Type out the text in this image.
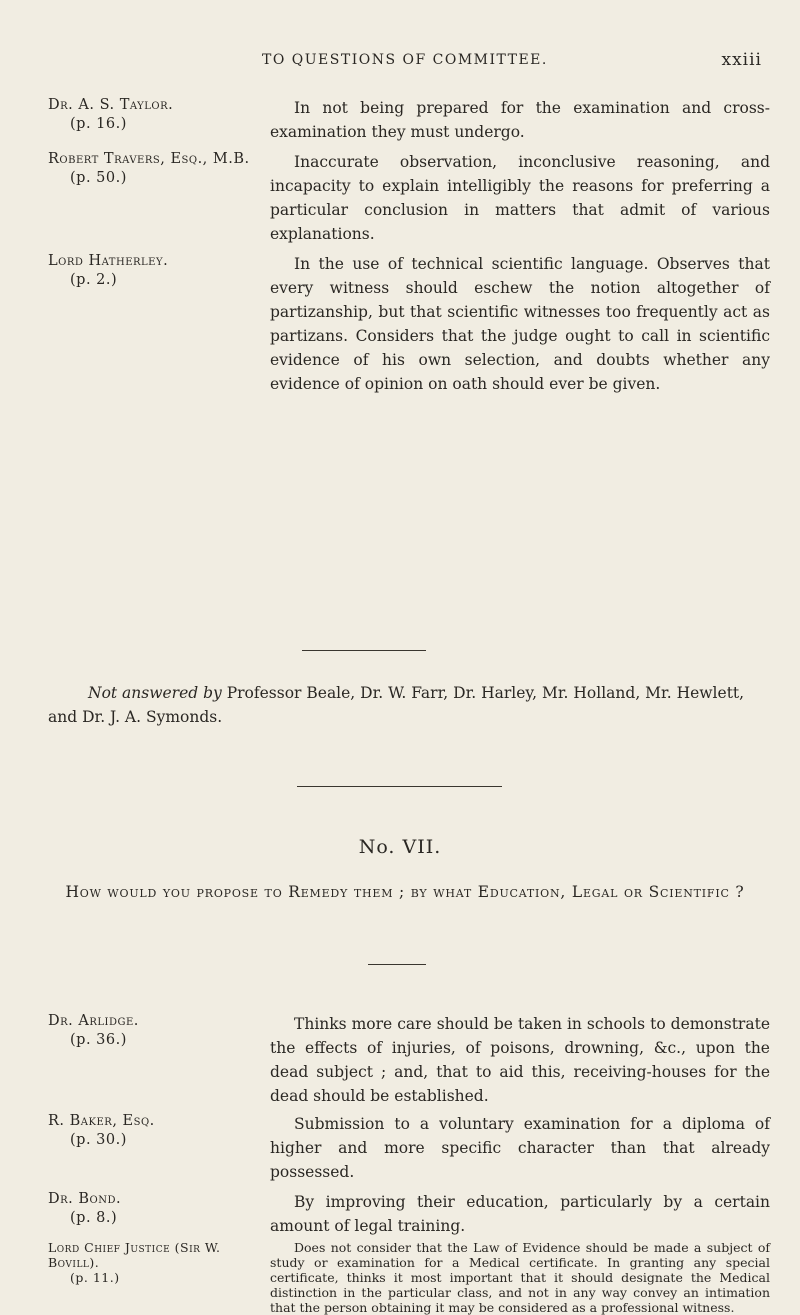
TO QUESTIONS OF COMMITTEE.	xxiii
Dr. A. S. Taylor.
(p. 16.)
In not being prepared for the examination and cross-examination they must undergo.
Robert Travers, Esq., M.B.
(p. 50.)
Inaccurate observation, inconclusive reasoning, and incapacity to explain intelligibly the reasons for preferring a particular conclusion in matters that admit of various explanations.
Lord Hatherley.
(p. 2.)
In the use of technical scientific language. Observes that every witness should eschew the notion altogether of partizanship, but that scientific witnesses too frequently act as partizans. Considers that the judge ought to call in scientific evidence of his own selection, and doubts whether any evidence of opinion on oath should ever be given.
Not answered by Professor Beale, Dr. W. Farr, Dr. Harley, Mr. Holland, Mr. Hewlett, and Dr. J. A. Symonds.
No. VII.
How would you propose to Remedy them ; by what Education, Legal or Scientific ?
Dr. Arlidge.
(p. 36.)
Thinks more care should be taken in schools to demonstrate the effects of injuries, of poisons, drowning, &c., upon the dead subject ; and, that to aid this, receiving-houses for the dead should be established.
R. Baker, Esq.
(p. 30.)
Submission to a voluntary examination for a diploma of higher and more specific character than that already possessed.
Dr. Bond.
(p. 8.)
By improving their education, particularly by a certain amount of legal training.
Lord Chief Justice (Sir W. Bovill).
(p. 11.)
Does not consider that the Law of Evidence should be made a subject of study or examination for a Medical certificate. In granting any special certificate, thinks it most important that it should designate the Medical distinction in the particular class, and not in any way convey an intimation that the person obtaining it may be considered as a professional witness.
